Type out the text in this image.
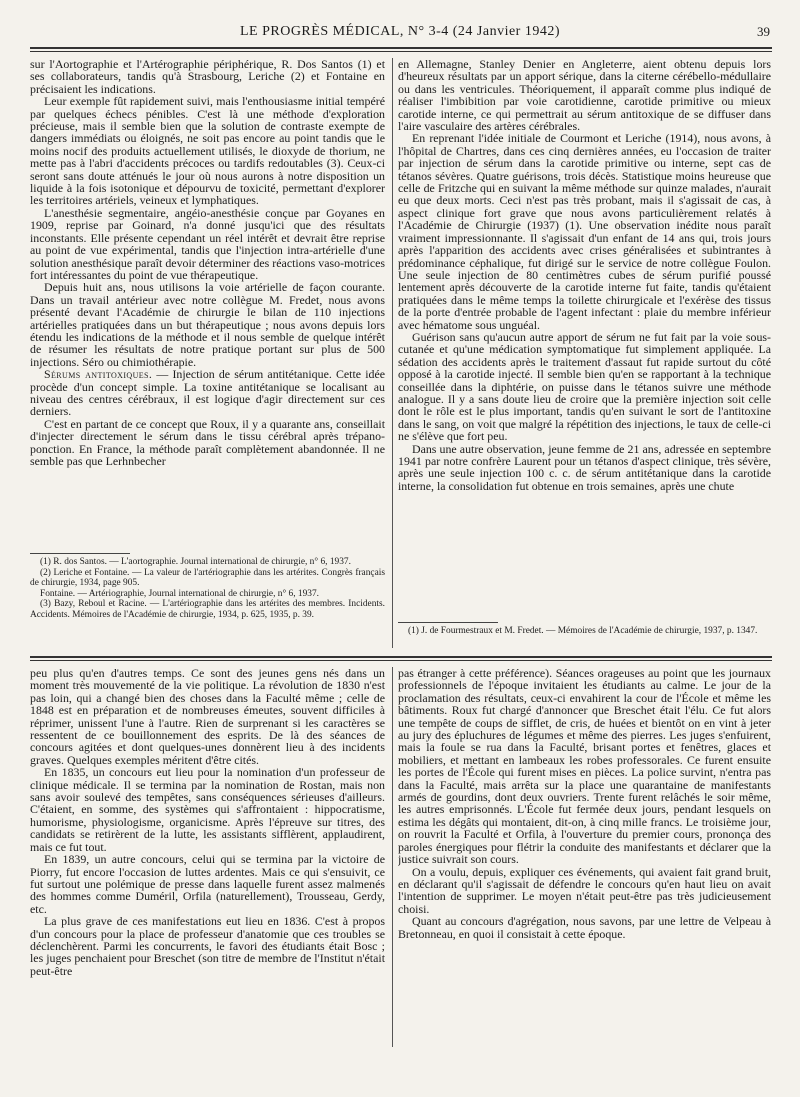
LE PROGRÈS MÉDICAL, N° 3-4 (24 Janvier 1942)	39

sur l'Aortographie et l'Artérographie périphérique, R. Dos Santos (1) et ses collaborateurs, tandis qu'à Strasbourg, Leriche (2) et Fontaine en précisaient les indications.

Leur exemple fût rapidement suivi, mais l'enthousiasme initial tempéré par quelques échecs pénibles. C'est là une méthode d'exploration précieuse, mais il semble bien que la solution de contraste exempte de dangers immédiats ou éloignés, ne soit pas encore au point tandis que le moins nocif des produits actuellement utilisés, le dioxyde de thorium, ne mette pas à l'abri d'accidents précoces ou tardifs redoutables (3). Ceux-ci seront sans doute atténués le jour où nous aurons à notre disposition un liquide à la fois isotonique et dépourvu de toxicité, permettant d'explorer les territoires artériels, veineux et lymphatiques.

L'anesthésie segmentaire, angéio-anesthésie conçue par Goyanes en 1909, reprise par Goinard, n'a donné jusqu'ici que des résultats inconstants. Elle présente cependant un réel intérêt et devrait être reprise au point de vue expérimental, tandis que l'injection intra-artérielle d'une solution anesthésique paraît devoir déterminer des réactions vaso-motrices fort intéressantes du point de vue thérapeutique.

Depuis huit ans, nous utilisons la voie artérielle de façon courante. Dans un travail antérieur avec notre collègue M. Fredet, nous avons présenté devant l'Académie de chirurgie le bilan de 110 injections artérielles pratiquées dans un but thérapeutique ; nous avons depuis lors étendu les indications de la méthode et il nous semble de quelque intérêt de résumer les résultats de notre pratique portant sur plus de 500 injections. Séro ou chimiothérapie.

Sérums antitoxiques. — Injection de sérum antitétanique. Cette idée procède d'un concept simple. La toxine antitétanique se localisant au niveau des centres cérébraux, il est logique d'agir directement sur ces derniers.

C'est en partant de ce concept que Roux, il y a quarante ans, conseillait d'injecter directement le sérum dans le tissu cérébral après trépano-ponction. En France, la méthode paraît complètement abandonnée. Il ne semble pas que Lerhnbecher

(1) R. dos Santos. — L'aortographie. Journal international de chirurgie, n° 6, 1937.

(2) Leriche et Fontaine. — La valeur de l'artériographie dans les artérites. Congrès français de chirurgie, 1934, page 905.

Fontaine. — Artériographie, Journal international de chirurgie, n° 6, 1937.

(3) Bazy, Reboul et Racine. — L'artériographie dans les artérites des membres. Incidents. Accidents. Mémoires de l'Académie de chirurgie, 1934, p. 625, 1935, p. 39.

en Allemagne, Stanley Denier en Angleterre, aient obtenu depuis lors d'heureux résultats par un apport sérique, dans la citerne cérébello-médullaire ou dans les ventricules. Théoriquement, il apparaît comme plus indiqué de réaliser l'imbibition par voie carotidienne, carotide primitive ou mieux carotide interne, ce qui permettrait au sérum antitoxique de se diffuser dans l'aire vasculaire des artères cérébrales.

En reprenant l'idée initiale de Courmont et Leriche (1914), nous avons, à l'hôpital de Chartres, dans ces cinq dernières années, eu l'occasion de traiter par injection de sérum dans la carotide primitive ou interne, sept cas de tétanos sévères. Quatre guérisons, trois décès. Statistique moins heureuse que celle de Fritzche qui en suivant la même méthode sur quinze malades, n'aurait eu que deux morts. Ceci n'est pas très probant, mais il s'agissait de cas, à aspect clinique fort grave que nous avons particulièrement relatés à l'Académie de Chirurgie (1937) (1). Une observation inédite nous paraît vraiment impressionnante. Il s'agissait d'un enfant de 14 ans qui, trois jours après l'apparition des accidents avec crises généralisées et subintrantes à prédominance céphalique, fut dirigé sur le service de notre collègue Foulon. Une seule injection de 80 centimètres cubes de sérum purifié poussé lentement après découverte de la carotide interne fut faite, tandis qu'étaient pratiquées dans le même temps la toilette chirurgicale et l'exérèse des tissus de la porte d'entrée probable de l'agent infectant : plaie du membre inférieur avec hématome sous unguéal.

Guérison sans qu'aucun autre apport de sérum ne fut fait par la voie sous-cutanée et qu'une médication symptomatique fut simplement appliquée. La sédation des accidents après le traitement d'assaut fut rapide surtout du côté opposé à la carotide injecté. Il semble bien qu'en se rapportant à la technique conseillée dans la diphtérie, on puisse dans le tétanos suivre une méthode analogue. Il y a sans doute lieu de croire que la première injection soit celle dont le rôle est le plus important, tandis qu'en suivant le sort de l'antitoxine dans le sang, on voit que malgré la répétition des injections, le taux de celle-ci ne s'élève que fort peu.

Dans une autre observation, jeune femme de 21 ans, adressée en septembre 1941 par notre confrère Laurent pour un tétanos d'aspect clinique, très sévère, après une seule injection 100 c. c. de sérum antitétanique dans la carotide interne, la consolidation fut obtenue en trois semaines, après une chute

(1) J. de Fourmestraux et M. Fredet. — Mémoires de l'Académie de chirurgie, 1937, p. 1347.

peu plus qu'en d'autres temps. Ce sont des jeunes gens nés dans un moment très mouvementé de la vie politique. La révolution de 1830 n'est pas loin, qui a changé bien des choses dans la Faculté même ; celle de 1848 est en préparation et de nombreuses émeutes, souvent difficiles à réprimer, unissent l'une à l'autre. Rien de surprenant si les caractères se ressentent de ce bouillonnement des esprits. De là des séances de concours agitées et dont quelques-unes donnèrent lieu à des incidents graves. Quelques exemples méritent d'être cités.

En 1835, un concours eut lieu pour la nomination d'un professeur de clinique médicale. Il se termina par la nomination de Rostan, mais non sans avoir soulevé des tempêtes, sans conséquences sérieuses d'ailleurs. C'étaient, en somme, des systèmes qui s'affrontaient : hippocratisme, humorisme, physiologisme, organicisme. Après l'épreuve sur titres, des candidats se retirèrent de la lutte, les assistants sifflèrent, applaudirent, mais ce fut tout.

En 1839, un autre concours, celui qui se termina par la victoire de Piorry, fut encore l'occasion de luttes ardentes. Mais ce qui s'ensuivit, ce fut surtout une polémique de presse dans laquelle furent assez malmenés des hommes comme Duméril, Orfila (naturellement), Trousseau, Gerdy, etc.

La plus grave de ces manifestations eut lieu en 1836. C'est à propos d'un concours pour la place de professeur d'anatomie que ces troubles se déclenchèrent. Parmi les concurrents, le favori des étudiants était Bosc ; les juges penchaient pour Breschet (son titre de membre de l'Institut n'était peut-être

pas étranger à cette préférence). Séances orageuses au point que les journaux professionnels de l'époque invitaient les étudiants au calme. Le jour de la proclamation des résultats, ceux-ci envahirent la cour de l'École et même les bâtiments. Roux fut chargé d'annoncer que Breschet était l'élu. Ce fut alors une tempête de coups de sifflet, de cris, de huées et bientôt on en vint à jeter au jury des épluchures de légumes et même des pierres. Les juges s'enfuirent, mais la foule se rua dans la Faculté, brisant portes et fenêtres, glaces et mobiliers, et mettant en lambeaux les robes professorales. Ce furent ensuite les portes de l'École qui furent mises en pièces. La police survint, n'entra pas dans la Faculté, mais arrêta sur la place une quarantaine de manifestants armés de gourdins, dont deux ouvriers. Trente furent relâchés le soir même, les autres emprisonnés. L'École fut fermée deux jours, pendant lesquels on estima les dégâts qui montaient, dit-on, à cinq mille francs. Le troisième jour, on rouvrit la Faculté et Orfila, à l'ouverture du premier cours, prononça des paroles énergiques pour flétrir la conduite des manifestants et déclarer que la justice suivrait son cours.

On a voulu, depuis, expliquer ces événements, qui avaient fait grand bruit, en déclarant qu'il s'agissait de défendre le concours qu'en haut lieu on avait l'intention de supprimer. Le moyen n'était peut-être pas très judicieusement choisi.

Quant au concours d'agrégation, nous savons, par une lettre de Velpeau à Bretonneau, en quoi il consistait à cette époque.
